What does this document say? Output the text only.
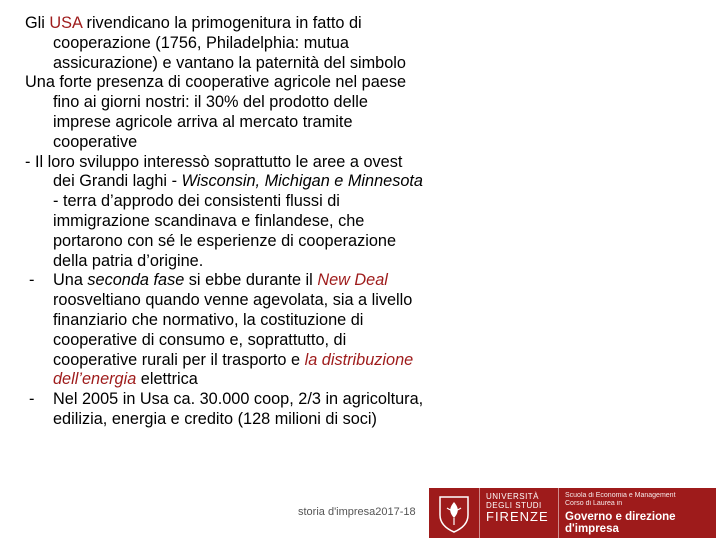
Gli USA rivendicano la primogenitura in fatto di cooperazione (1756, Philadelphia: mutua assicurazione) e vantano la paternità del simbolo

Una forte presenza di cooperative agricole nel paese fino ai giorni nostri: il 30% del prodotto delle imprese agricole arriva al mercato tramite cooperative

- Il loro sviluppo interessò soprattutto le aree a ovest dei Grandi laghi - Wisconsin, Michigan e Minnesota - terra d’approdo dei consistenti flussi di immigrazione scandinava e finlandese, che portarono con sé le esperienze di cooperazione della patria d’origine.

- Una seconda fase si ebbe durante il New Deal roosveltiano quando venne agevolata, sia a livello finanziario che normativo, la costituzione di cooperative di consumo e, soprattutto, di cooperative rurali per il trasporto e la distribuzione dell’energia elettrica

- Nel 2005 in Usa ca. 30.000 coop, 2/3 in agricoltura, edilizia, energia e credito (128 milioni di soci)

storia d'impresa2017-18
UNIVERSITÀ
DEGLI STUDI
FIRENZE
Scuola di Economia e Management
Corso di Laurea in
Governo e direzione d'impresa
